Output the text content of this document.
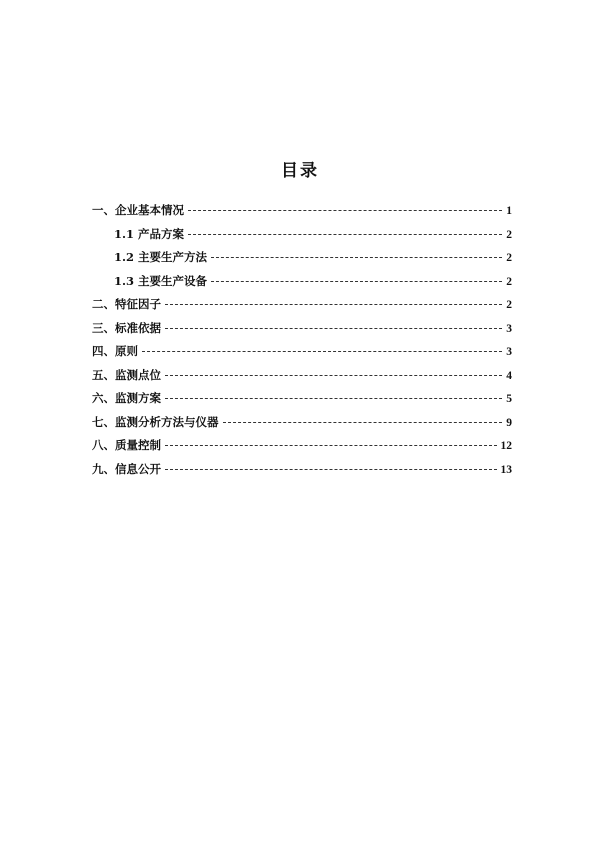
目录
一、企业基本情况	1
1.1 产品方案	2
1.2 主要生产方法	2
1.3 主要生产设备	2
二、特征因子	2
三、标准依据	3
四、原则	3
五、监测点位	4
六、监测方案	5
七、监测分析方法与仪器	9
八、质量控制	12
九、信息公开	13
